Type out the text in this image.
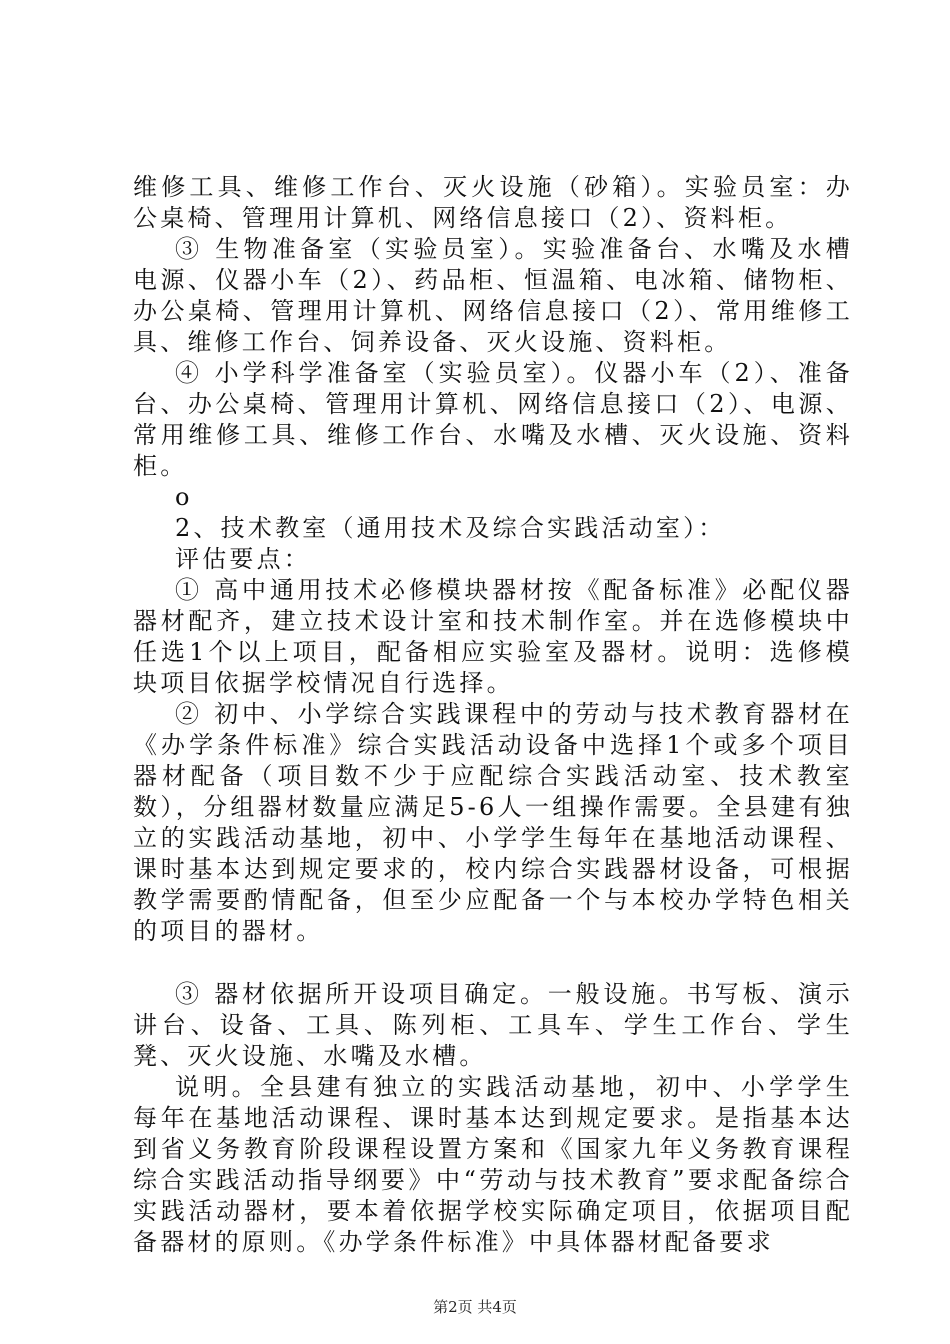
维修工具、维修工作台、灭火设施（砂箱）。实验员室：办公桌椅、管理用计算机、网络信息接口（2）、资料柜。

③ 生物准备室（实验员室）。实验准备台、水嘴及水槽电源、仪器小车（2）、药品柜、恒温箱、电冰箱、储物柜、办公桌椅、管理用计算机、网络信息接口（2）、常用维修工具、维修工作台、饲养设备、灭火设施、资料柜。

④ 小学科学准备室（实验员室）。仪器小车（2）、准备台、办公桌椅、管理用计算机、网络信息接口（2）、电源、常用维修工具、维修工作台、水嘴及水槽、灭火设施、资料柜。

o

2、技术教室（通用技术及综合实践活动室）：

评估要点：

① 高中通用技术必修模块器材按《配备标准》必配仪器器材配齐，建立技术设计室和技术制作室。并在选修模块中任选1个以上项目，配备相应实验室及器材。说明：选修模块项目依据学校情况自行选择。

② 初中、小学综合实践课程中的劳动与技术教育器材在《办学条件标准》综合实践活动设备中选择1个或多个项目器材配备（项目数不少于应配综合实践活动室、技术教室数），分组器材数量应满足5-6人一组操作需要。全县建有独立的实践活动基地，初中、小学学生每年在基地活动课程、课时基本达到规定要求的，校内综合实践器材设备，可根据教学需要酌情配备，但至少应配备一个与本校办学特色相关的项目的器材。

③ 器材依据所开设项目确定。一般设施。书写板、演示讲台、设备、工具、陈列柜、工具车、学生工作台、学生凳、灭火设施、水嘴及水槽。

说明。全县建有独立的实践活动基地，初中、小学学生每年在基地活动课程、课时基本达到规定要求。是指基本达到省义务教育阶段课程设置方案和《国家九年义务教育课程综合实践活动指导纲要》中“劳动与技术教育”要求配备综合实践活动器材，要本着依据学校实际确定项目，依据项目配备器材的原则。《办学条件标准》中具体器材配备要求

第2页 共4页
